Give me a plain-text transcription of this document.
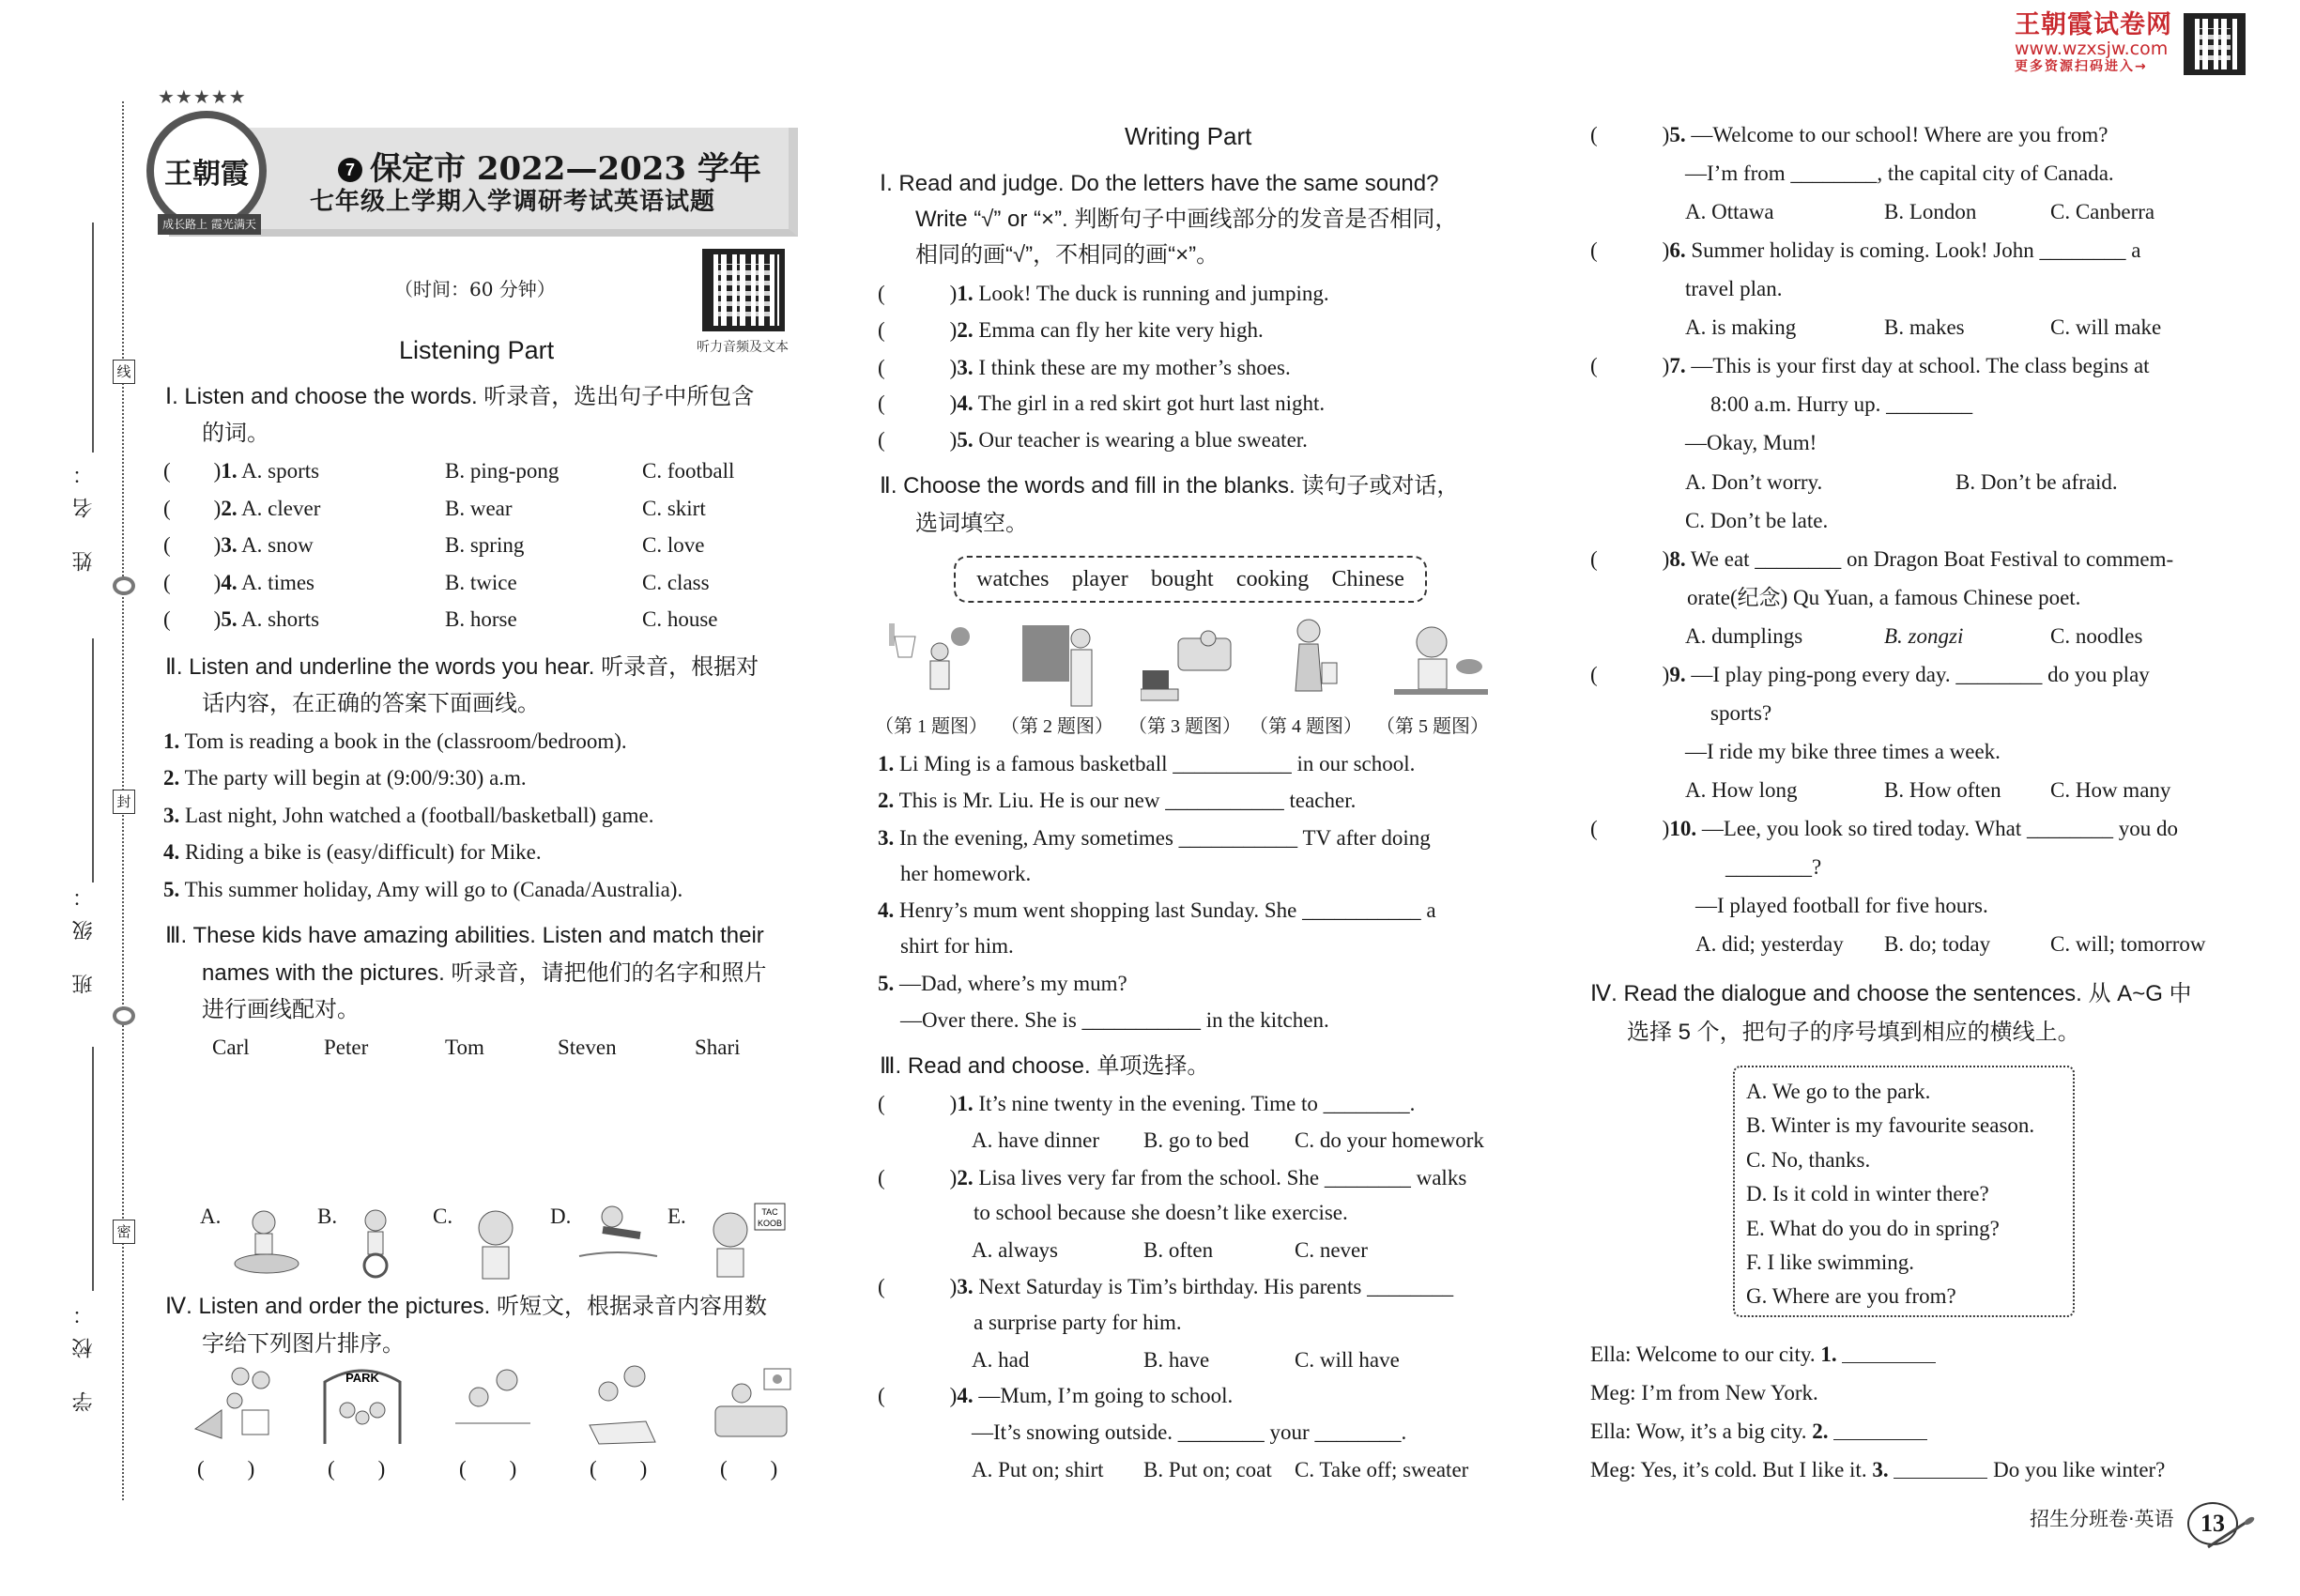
王朝霞试卷网
www.wzxsjw.com
更多资源扫码进入→
姓 名：
班 级：
学 校：
线
封
密
王朝霞
★★★★★
成长路上 霞光满天
7 保定市 2022—2023 学年
七年级上学期入学调研考试英语试题
（时间：60 分钟）
听力音频及文本
Listening Part
Ⅰ. Listen and choose the words. 听录音，选出句子中所包含
的词。
(　　)1. A. sports	B. ping-pong	C. football
(　　)2. A. clever	B. wear	C. skirt
(　　)3. A. snow	B. spring	C. love
(　　)4. A. times	B. twice	C. class
(　　)5. A. shorts	B. horse	C. house
Ⅱ. Listen and underline the words you hear. 听录音，根据对
话内容，在正确的答案下面画线。
1. Tom is reading a book in the (classroom/bedroom).
2. The party will begin at (9:00/9:30) a.m.
3. Last night, John watched a (football/basketball) game.
4. Riding a bike is (easy/difficult) for Mike.
5. This summer holiday, Amy will go to (Canada/Australia).
Ⅲ. These kids have amazing abilities. Listen and match their
names with the pictures. 听录音，请把他们的名字和照片
进行画线配对。
Carl	Peter	Tom	Steven	Shari
A.	B.	C.	D.	E.	TAC
KOOB
Ⅳ. Listen and order the pictures. 听短文，根据录音内容用数
字给下列图片排序。
PARK
(　　)	(　　)	(　　)	(　　)	(　　)
Writing Part
Ⅰ. Read and judge. Do the letters have the same sound?
Write “√” or “×”. 判断句子中画线部分的发音是否相同，
相同的画“√”，不相同的画“×”。
(　　　)1. Look! The duck is running and jumping.
(　　　)2. Emma can fly her kite very high.
(　　　)3. I think these are my mother’s shoes.
(　　　)4. The girl in a red skirt got hurt last night.
(　　　)5. Our teacher is wearing a blue sweater.
Ⅱ. Choose the words and fill in the blanks. 读句子或对话，
选词填空。
watches player bought cooking Chinese
（第 1 题图） （第 2 题图） （第 3 题图） （第 4 题图） （第 5 题图）
1. Li Ming is a famous basketball ___________ in our school.
2. This is Mr. Liu. He is our new ___________ teacher.
3. In the evening, Amy sometimes ___________ TV after doing
her homework.
4. Henry’s mum went shopping last Sunday. She ___________ a
shirt for him.
5. —Dad, where’s my mum?
—Over there. She is ___________ in the kitchen.
Ⅲ. Read and choose. 单项选择。
(　　　)1. It’s nine twenty in the evening. Time to ________.
A. have dinner B. go to bed C. do your homework
(　　　)2. Lisa lives very far from the school. She ________ walks
to school because she doesn’t like exercise.
A. always	B. often	C. never
(　　　)3. Next Saturday is Tim’s birthday. His parents ________
a surprise party for him.
A. had	B. have	C. will have
(　　　)4. —Mum, I’m going to school.
—It’s snowing outside. ________ your ________.
A. Put on; shirt B. Put on; coat C. Take off; sweater
(　　　)5. —Welcome to our school! Where are you from?
—I’m from ________, the capital city of Canada.
A. Ottawa	B. London	C. Canberra
(　　　)6. Summer holiday is coming. Look! John ________ a
travel plan.
A. is making	B. makes	C. will make
(　　　)7. —This is your first day at school. The class begins at
8:00 a.m. Hurry up. ________
—Okay, Mum!
A. Don’t worry.	B. Don’t be afraid.
C. Don’t be late.
(　　　)8. We eat ________ on Dragon Boat Festival to commem-
orate(纪念) Qu Yuan, a famous Chinese poet.
A. dumplings	B. zongzi	C. noodles
(　　　)9. —I play ping-pong every day. ________ do you play
sports?
—I ride my bike three times a week.
A. How long	B. How often C. How many
(　　　)10. —Lee, you look so tired today. What ________ you do
________?
—I played football for five hours.
A. did; yesterday B. do; today	C. will; tomorrow
Ⅳ. Read the dialogue and choose the sentences. 从 A~G 中
选择 5 个，把句子的序号填到相应的横线上。
A. We go to the park.
B. Winter is my favourite season.
C. No, thanks.
D. Is it cold in winter there?
E. What do you do in spring?
F. I like swimming.
G. Where are you from?
Ella: Welcome to our city. 1.
Meg: I’m from New York.
Ella: Wow, it’s a big city. 2.
Meg: Yes, it’s cold. But I like it. 3.	Do you like winter?
招生分班卷·英语	13
